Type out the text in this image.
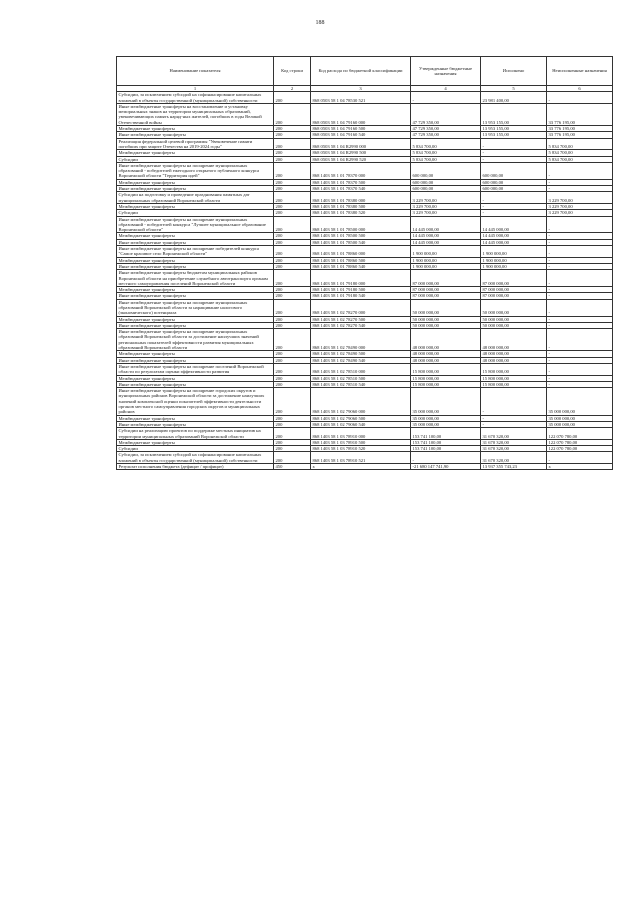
188
Наименование показателя	Код строки	Код расхода по бюджетной классификации	Утвержденные бюджетные назначения	Исполнено	Неисполненные назначения
1	2	3	4	5	6
Субсидии, за исключением субсидий на софинансирование капитальных вложений в объекты государственной (муниципальной) собственности	200	868 0503 58 1 04 78530 521	-	23 981 400,00	-
Иные межбюджетные трансферты на восстановление и установку мемориальных знаков на территории муниципальных образований, увековечивающих память наряд-ных жителей, погибших в годы Великой Отечественной войны	200	868 0503 58 1 04 79160 000	47 729 350,00	13 953 155,00	33 776 195,00
Межбюджетные трансферты	200	868 0503 58 1 04 79160 500	47 729 350,00	13 953 155,00	33 776 195,00
Иные межбюджетные трансферты	200	868 0503 58 1 04 79160 540	47 729 350,00	13 953 155,00	33 776 195,00
Реализация федеральной целевой программы "Увековечение памяти погибших при защите Отечества на 2019-2024 годы"	200	868 0503 58 1 04 R2990 000	5 834 700,00	-	5 834 700,00
Межбюджетные трансферты	200	868 0503 58 1 04 R2990 500	5 834 700,00	-	5 834 700,00
Субсидии	200	868 0503 58 1 04 R2990 520	5 834 700,00	-	5 834 700,00
Иные межбюджетные трансферты на поощрение муниципальных образований - победителей ежегодного открытого публичного конкурса Воронежской области "Территория идей"	200	868 1403 58 1 01 78370 000	600 000,00	600 000,00	-
Межбюджетные трансферты	200	868 1403 58 1 01 78370 500	600 000,00	600 000,00	-
Иные межбюджетные трансферты	200	868 1403 58 1 01 78370 540	600 000,00	600 000,00	-
Субсидии на подготовку и проведение празднования памятных дат муниципальных образований Воронежской области	200	868 1403 58 1 01 78380 000	3 229 700,00	-	3 229 700,00
Межбюджетные трансферты	200	868 1403 58 1 01 78380 500	3 229 700,00	-	3 229 700,00
Субсидии	200	868 1403 58 1 01 78380 520	3 229 700,00	-	3 229 700,00
Иные межбюджетные трансферты на поощрение муниципальных образований - победителей конкурса "Лучшее муниципальное образование Воронежской области"	200	868 1403 58 1 01 78500 000	14 445 000,00	14 445 000,00	-
Межбюджетные трансферты	200	868 1403 58 1 01 78500 500	14 445 000,00	14 445 000,00	-
Иные межбюджетные трансферты	200	868 1403 58 1 01 78500 540	14 445 000,00	14 445 000,00	-
Иные межбюджетные трансферты на поощрение победителей конкурса "Самое красивое село Воронежской области"	200	868 1403 58 1 01 78860 000	1 900 000,00	1 900 000,00	-
Межбюджетные трансферты	200	868 1403 58 1 01 78860 500	1 900 000,00	1 900 000,00	-
Иные межбюджетные трансферты	200	868 1403 58 1 01 78860 540	1 900 000,00	1 900 000,00	-
Иные межбюджетные трансферты бюджетам муниципальных районов Воронежской области на приобретение служебного автотранспорта органам местного самоуправления поселений Воронежской области	200	868 1403 58 1 01 79180 000	87 000 000,00	87 000 000,00	-
Межбюджетные трансферты	200	868 1403 58 1 01 79180 500	87 000 000,00	87 000 000,00	-
Иные межбюджетные трансферты	200	868 1403 58 1 01 79180 540	87 000 000,00	87 000 000,00	-
Иные межбюджетные трансферты на поощрение муниципальных образований Воронежской области за наращивание налогового (экономического) потенциала	200	868 1403 58 1 02 78270 000	50 000 000,00	50 000 000,00	-
Межбюджетные трансферты	200	868 1403 58 1 02 78270 500	50 000 000,00	50 000 000,00	-
Иные межбюджетные трансферты	200	868 1403 58 1 02 78270 540	50 000 000,00	50 000 000,00	-
Иные межбюджетные трансферты на поощрение муниципальных образований Воронежской области за достижение наилучших значений региональных показателей эффективности развития муниципальных образований Воронежской области	200	868 1403 58 1 02 78490 000	48 000 000,00	48 000 000,00	-
Межбюджетные трансферты	200	868 1403 58 1 02 78490 500	48 000 000,00	48 000 000,00	-
Иные межбюджетные трансферты	200	868 1403 58 1 02 78490 540	48 000 000,00	48 000 000,00	-
Иные межбюджетные трансферты на поощрение поселений Воронежской области по результатам оценки эффективности развития	200	868 1403 58 1 02 78510 000	15 800 000,00	15 800 000,00	-
Межбюджетные трансферты	200	868 1403 58 1 02 78510 500	15 800 000,00	15 800 000,00	-
Иные межбюджетные трансферты	200	868 1403 58 1 02 78510 540	15 800 000,00	15 800 000,00	-
Иные межбюджетные трансферты на поощрение городских округов и муниципальных районов Воронежской области за достижение наилучших значений комплексной оценки показателей эффективности деятельности органов местного самоуправления городских округов и муниципальных районов	200	868 1403 58 1 02 79060 000	35 000 000,00	-	35 000 000,00
Межбюджетные трансферты	200	868 1403 58 1 02 79060 500	35 000 000,00	-	35 000 000,00
Иные межбюджетные трансферты	200	868 1403 58 1 02 79060 540	35 000 000,00	-	35 000 000,00
Субсидии на реализацию проектов по поддержке местных инициатив на территории муниципальных образований Воронежской области	200	868 1403 58 1 03 78910 000	153 741 100,00	31 670 320,00	122 070 780,00
Межбюджетные трансферты	200	868 1403 58 1 03 78910 500	153 741 100,00	31 670 320,00	122 070 780,00
Субсидии	200	868 1403 58 1 03 78910 520	153 741 100,00	31 670 320,00	122 070 780,00
Субсидии, за исключением субсидий на софинансирование капитальных вложений в объекты государственной (муниципальной) собственности	200	868 1403 58 1 03 78910 521	-	31 670 320,00	-
Результат исполнения бюджета (дефицит / профицит)	450	x	-21 680 147 741,90	13 937 355 743,23	x
